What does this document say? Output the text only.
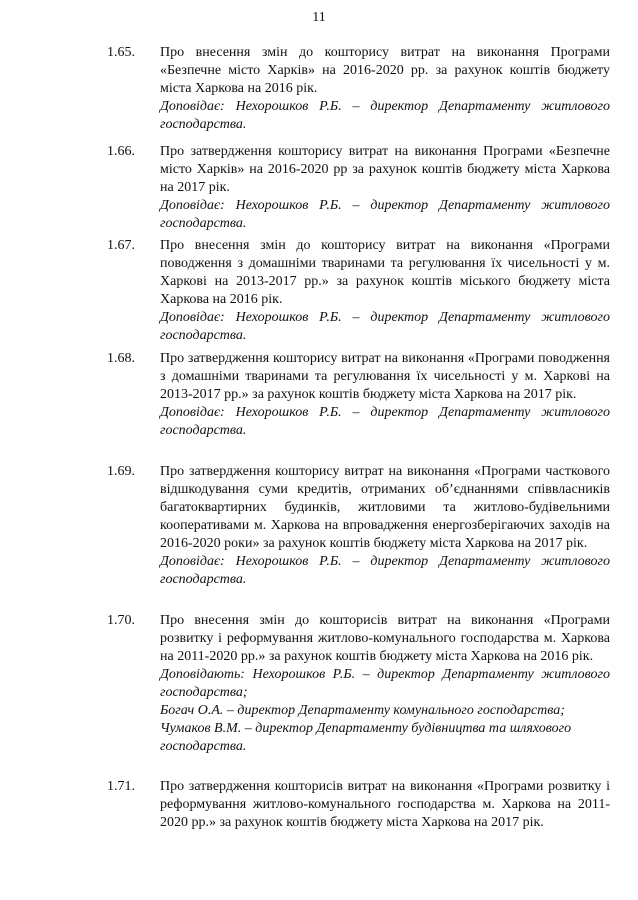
11
1.65. Про внесення змін до кошторису витрат на виконання Програми «Безпечне місто Харків» на 2016-2020 рр. за рахунок коштів бюджету міста Харкова на 2016 рік.

Доповідає: Нехорошков Р.Б. – директор Департаменту житлового господарства.

1.66. Про затвердження кошторису витрат на виконання Програми «Безпечне місто Харків» на 2016-2020 рр за рахунок коштів бюджету міста Харкова на 2017 рік.

Доповідає: Нехорошков Р.Б. – директор Департаменту житлового господарства.

1.67. Про внесення змін до кошторису витрат на виконання «Програми поводження з домашніми тваринами та регулювання їх чисельності у м. Харкові на 2013-2017 рр.» за рахунок коштів міського бюджету міста Харкова на 2016 рік.

Доповідає: Нехорошков Р.Б. – директор Департаменту житлового господарства.

1.68. Про затвердження кошторису витрат на виконання «Програми поводження з домашніми тваринами та регулювання їх чисельності у м. Харкові на 2013-2017 рр.» за рахунок коштів бюджету міста Харкова на 2017 рік.

Доповідає: Нехорошков Р.Б. – директор Департаменту житлового господарства.

1.69. Про затвердження кошторису витрат на виконання «Програми часткового відшкодування суми кредитів, отриманих об’єднаннями співвласників багатоквартирних будинків, житловими та житлово-будівельними кооперативами м. Харкова на впровадження енергозберігаючих заходів на 2016-2020 роки» за рахунок коштів бюджету міста Харкова на 2017 рік.

Доповідає: Нехорошков Р.Б. – директор Департаменту житлового господарства.

1.70. Про внесення змін до кошторисів витрат на виконання «Програми розвитку і реформування житлово-комунального господарства м. Харкова на 2011-2020 рр.» за рахунок коштів бюджету міста Харкова на 2016 рік.

Доповідають: Нехорошков Р.Б. – директор Департаменту житлового господарства;

Богач О.А. – директор Департаменту комунального господарства;

Чумаков В.М. – директор Департаменту будівництва та шляхового господарства.

1.71. Про затвердження кошторисів витрат на виконання «Програми розвитку і реформування житлово-комунального господарства м. Харкова на 2011-2020 рр.» за рахунок коштів бюджету міста Харкова на 2017 рік.
